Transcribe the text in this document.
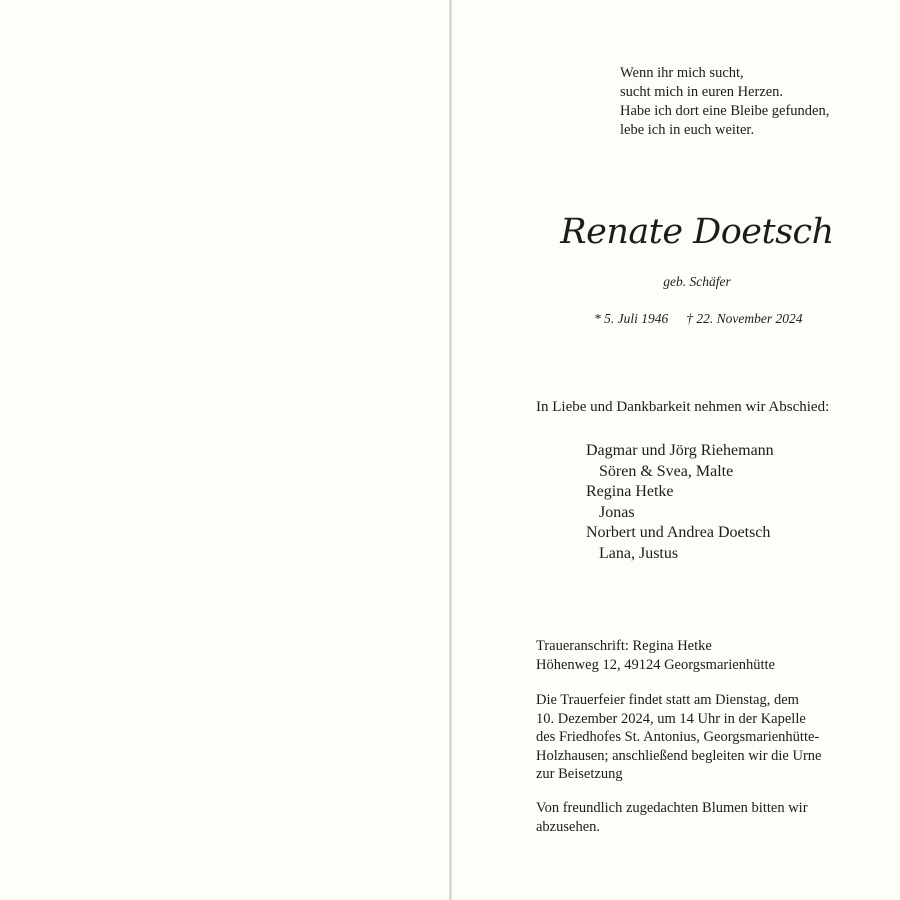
Wenn ihr mich sucht,
sucht mich in euren Herzen.
Habe ich dort eine Bleibe gefunden,
lebe ich in euch weiter.
Renate Doetsch
geb. Schäfer
* 5. Juli 1946 † 22. November 2024
In Liebe und Dankbarkeit nehmen wir Abschied:
Dagmar und Jörg Riehemann
Sören & Svea, Malte
Regina Hetke
Jonas
Norbert und Andrea Doetsch
Lana, Justus
Traueranschrift: Regina Hetke
Höhenweg 12, 49124 Georgsmarienhütte
Die Trauerfeier findet statt am Dienstag, dem
10. Dezember 2024, um 14 Uhr in der Kapelle
des Friedhofes St. Antonius, Georgsmarienhütte-
Holzhausen; anschließend begleiten wir die Urne
zur Beisetzung
Von freundlich zugedachten Blumen bitten wir
abzusehen.
